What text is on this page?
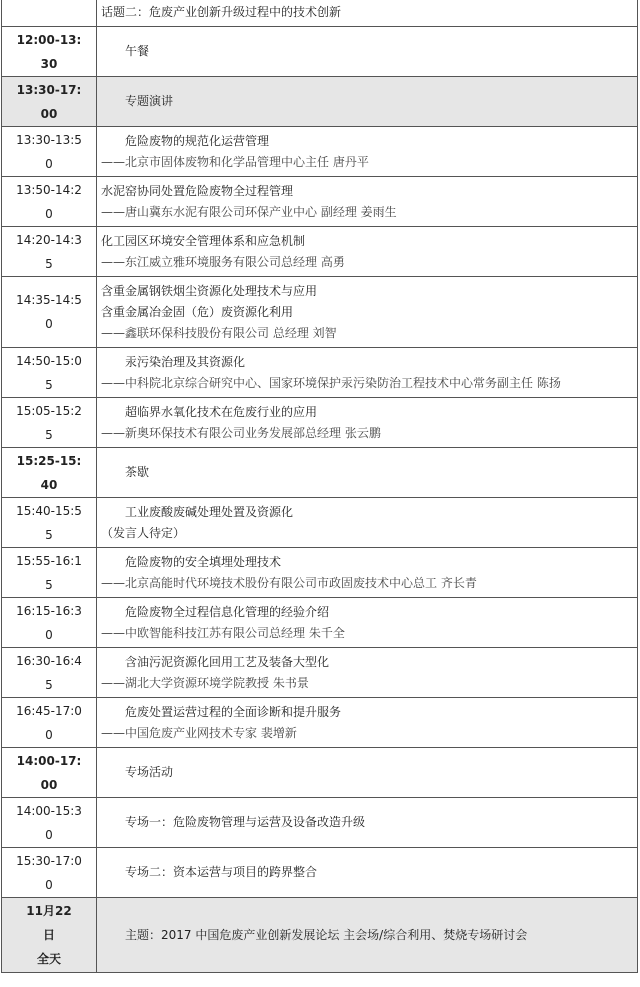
话题二：危废产业创新升级过程中的技术创新
12:00-13:
30
午餐
13:30-17:
00
专题演讲
13:30-13:5
0
危险废物的规范化运营管理
——北京市固体废物和化学品管理中心主任 唐丹平
13:50-14:2
0
水泥窑协同处置危险废物全过程管理
——唐山冀东水泥有限公司环保产业中心 副经理 姜雨生
14:20-14:3
5
化工园区环境安全管理体系和应急机制
——东江威立雅环境服务有限公司总经理 高勇
14:35-14:5
0
含重金属钢铁烟尘资源化处理技术与应用
含重金属冶金固（危）废资源化利用
——鑫联环保科技股份有限公司 总经理 刘智
14:50-15:0
5
汞污染治理及其资源化
——中科院北京综合研究中心、国家环境保护汞污染防治工程技术中心常务副主任 陈扬
15:05-15:2
5
超临界水氧化技术在危废行业的应用
——新奥环保技术有限公司业务发展部总经理 张云鹏
15:25-15:
40
茶歇
15:40-15:5
5
工业废酸废碱处理处置及资源化
（发言人待定）
15:55-16:1
5
危险废物的安全填埋处理技术
——北京高能时代环境技术股份有限公司市政固废技术中心总工 齐长青
16:15-16:3
0
危险废物全过程信息化管理的经验介绍
——中欧智能科技江苏有限公司总经理 朱千全
16:30-16:4
5
含油污泥资源化回用工艺及装备大型化
——湖北大学资源环境学院教授 朱书景
16:45-17:0
0
危废处置运营过程的全面诊断和提升服务
——中国危废产业网技术专家 裴增新
14:00-17:
00
专场活动
14:00-15:3
0
专场一：危险废物管理与运营及设备改造升级
15:30-17:0
0
专场二：资本运营与项目的跨界整合
11月22
日
全天
主题：2017 中国危废产业创新发展论坛 主会场/综合利用、焚烧专场研讨会
